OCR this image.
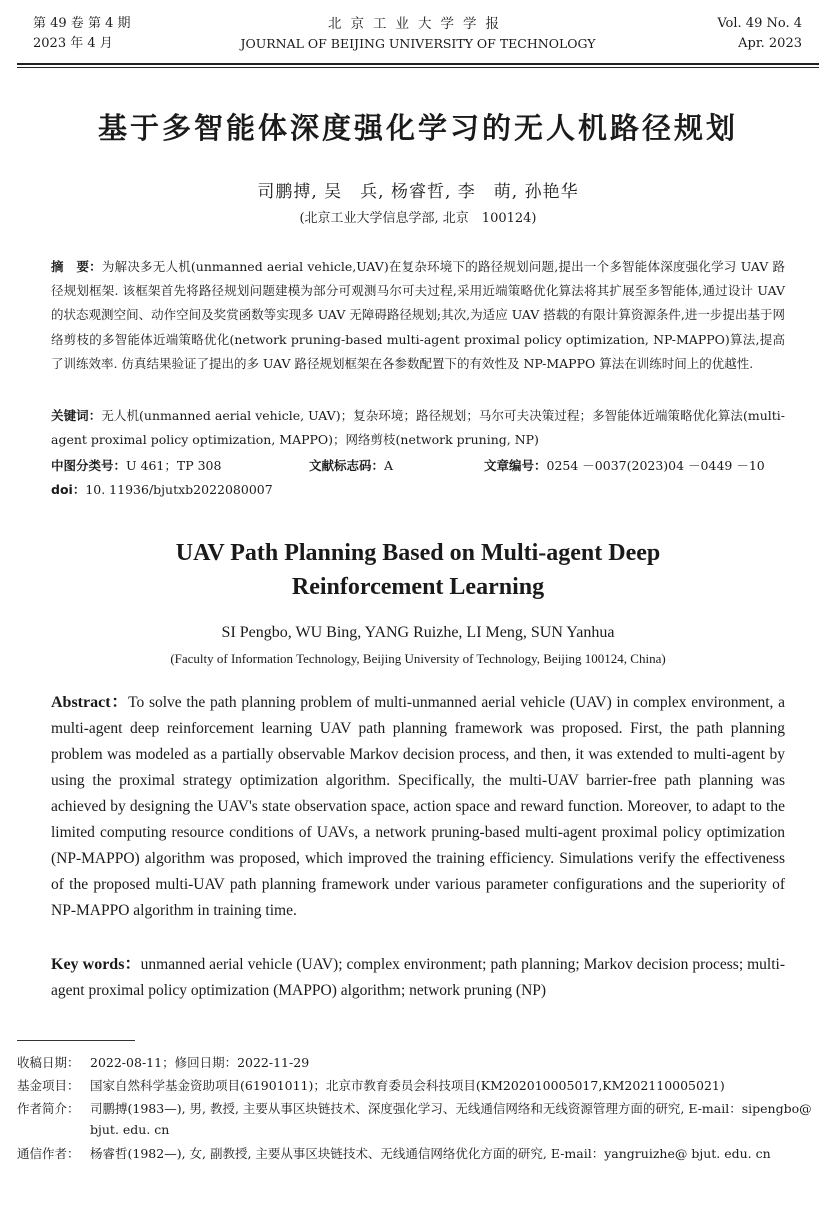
第 49 卷 第 4 期
2023 年 4 月
北京工业大学学报
JOURNAL OF BEIJING UNIVERSITY OF TECHNOLOGY
Vol. 49 No. 4
Apr. 2023
基于多智能体深度强化学习的无人机路径规划
司鹏搏, 吴　兵, 杨睿哲, 李　萌, 孙艳华
(北京工业大学信息学部, 北京　100124)
摘　要：为解决多无人机(unmanned aerial vehicle,UAV)在复杂环境下的路径规划问题,提出一个多智能体深度强化学习 UAV 路径规划框架. 该框架首先将路径规划问题建模为部分可观测马尔可夫过程,采用近端策略优化算法将其扩展至多智能体,通过设计 UAV 的状态观测空间、动作空间及奖赏函数等实现多 UAV 无障碍路径规划;其次,为适应 UAV 搭载的有限计算资源条件,进一步提出基于网络剪枝的多智能体近端策略优化(network pruning-based multi-agent proximal policy optimization, NP-MAPPO)算法,提高了训练效率. 仿真结果验证了提出的多 UAV 路径规划框架在各参数配置下的有效性及 NP-MAPPO 算法在训练时间上的优越性.
关键词：无人机(unmanned aerial vehicle, UAV)；复杂环境；路径规划；马尔可夫决策过程；多智能体近端策略优化算法(multi-agent proximal policy optimization, MAPPO)；网络剪枝(network pruning, NP)
中图分类号：U 461；TP 308	文献标志码：A	文章编号：0254 －0037(2023)04 －0449 －10
doi：10. 11936/bjutxb2022080007
UAV Path Planning Based on Multi-agent Deep Reinforcement Learning
SI Pengbo, WU Bing, YANG Ruizhe, LI Meng, SUN Yanhua
(Faculty of Information Technology, Beijing University of Technology, Beijing 100124, China)
Abstract：To solve the path planning problem of multi-unmanned aerial vehicle (UAV) in complex environment, a multi-agent deep reinforcement learning UAV path planning framework was proposed. First, the path planning problem was modeled as a partially observable Markov decision process, and then, it was extended to multi-agent by using the proximal strategy optimization algorithm. Specifically, the multi-UAV barrier-free path planning was achieved by designing the UAV's state observation space, action space and reward function. Moreover, to adapt to the limited computing resource conditions of UAVs, a network pruning-based multi-agent proximal policy optimization (NP-MAPPO) algorithm was proposed, which improved the training efficiency. Simulations verify the effectiveness of the proposed multi-UAV path planning framework under various parameter configurations and the superiority of NP-MAPPO algorithm in training time.
Key words：unmanned aerial vehicle (UAV); complex environment; path planning; Markov decision process; multi-agent proximal policy optimization (MAPPO) algorithm; network pruning (NP)
收稿日期： 2022-08-11；修回日期：2022-11-29
基金项目： 国家自然科学基金资助项目(61901011)；北京市教育委员会科技项目(KM202010005017,KM202110005021)
作者简介： 司鹏搏(1983—), 男, 教授, 主要从事区块链技术、深度强化学习、无线通信网络和无线资源管理方面的研究, E-mail：sipengbo@ bjut. edu. cn
通信作者： 杨睿哲(1982—), 女, 副教授, 主要从事区块链技术、无线通信网络优化方面的研究, E-mail：yangruizhe@ bjut. edu. cn
